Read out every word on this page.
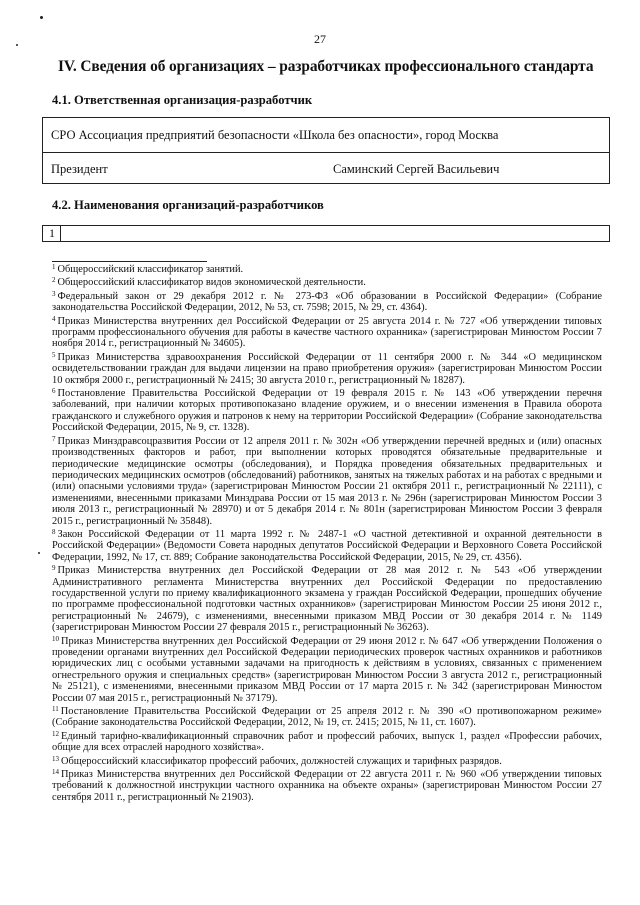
27
IV. Сведения об организациях – разработчиках профессионального стандарта
4.1. Ответственная организация-разработчик
СРО Ассоциация предприятий безопасности «Школа без опасности», город Москва
Президент	Саминский Сергей Васильевич
4.2. Наименования организаций-разработчиков
1

$^1$ Общероссийский классификатор занятий.

$^2$ Общероссийский классификатор видов экономической деятельности.

$^3$ Федеральный закон от 29 декабря 2012 г. № 273-ФЗ «Об образовании в Российской Федерации» (Собрание законодательства Российской Федерации, 2012, № 53, ст. 7598; 2015, № 29, ст. 4364).

$^4$ Приказ Министерства внутренних дел Российской Федерации от 25 августа 2014 г. № 727 «Об утверждении типовых программ профессионального обучения для работы в качестве частного охранника» (зарегистрирован Минюстом России 7 ноября 2014 г., регистрационный № 34605).

$^5$ Приказ Министерства здравоохранения Российской Федерации от 11 сентября 2000 г. № 344 «О медицинском освидетельствовании граждан для выдачи лицензии на право приобретения оружия» (зарегистрирован Минюстом России 10 октября 2000 г., регистрационный № 2415; 30 августа 2010 г., регистрационный № 18287).

$^6$ Постановление Правительства Российской Федерации от 19 февраля 2015 г. № 143 «Об утверждении перечня заболеваний, при наличии которых противопоказано владение оружием, и о внесении изменения в Правила оборота гражданского и служебного оружия и патронов к нему на территории Российской Федерации» (Собрание законодательства Российской Федерации, 2015, № 9, ст. 1328).

$^7$ Приказ Минздравсоцразвития России от 12 апреля 2011 г. № 302н «Об утверждении перечней вредных и (или) опасных производственных факторов и работ, при выполнении которых проводятся обязательные предварительные и периодические медицинские осмотры (обследования), и Порядка проведения обязательных предварительных и периодических медицинских осмотров (обследований) работников, занятых на тяжелых работах и на работах с вредными и (или) опасными условиями труда» (зарегистрирован Минюстом России 21 октября 2011 г., регистрационный № 22111), с изменениями, внесенными приказами Минздрава России от 15 мая 2013 г. № 296н (зарегистрирован Минюстом России 3 июля 2013 г., регистрационный № 28970) и от 5 декабря 2014 г. № 801н (зарегистрирован Минюстом России 3 февраля 2015 г., регистрационный № 35848).

$^8$ Закон Российской Федерации от 11 марта 1992 г. № 2487-1 «О частной детективной и охранной деятельности в Российской Федерации» (Ведомости Совета народных депутатов Российской Федерации и Верховного Совета Российской Федерации, 1992, № 17, ст. 889; Собрание законодательства Российской Федерации, 2015, № 29, ст. 4356).

$^9$ Приказ Министерства внутренних дел Российской Федерации от 28 мая 2012 г. № 543 «Об утверждении Административного регламента Министерства внутренних дел Российской Федерации по предоставлению государственной услуги по приему квалификационного экзамена у граждан Российской Федерации, прошедших обучение по программе профессиональной подготовки частных охранников» (зарегистрирован Минюстом России 25 июня 2012 г., регистрационный № 24679), с изменениями, внесенными приказом МВД России от 30 декабря 2014 г. № 1149 (зарегистрирован Минюстом России 27 февраля 2015 г., регистрационный № 36263).

$^{10}$ Приказ Министерства внутренних дел Российской Федерации от 29 июня 2012 г. № 647 «Об утверждении Положения о проведении органами внутренних дел Российской Федерации периодических проверок частных охранников и работников юридических лиц с особыми уставными задачами на пригодность к действиям в условиях, связанных с применением огнестрельного оружия и специальных средств» (зарегистрирован Минюстом России 3 августа 2012 г., регистрационный № 25121), с изменениями, внесенными приказом МВД России от 17 марта 2015 г. № 342 (зарегистрирован Минюстом России 07 мая 2015 г., регистрационный № 37179).

$^{11}$ Постановление Правительства Российской Федерации от 25 апреля 2012 г. № 390 «О противопожарном режиме» (Собрание законодательства Российской Федерации, 2012, № 19, ст. 2415; 2015, № 11, ст. 1607).

$^{12}$ Единый тарифно-квалификационный справочник работ и профессий рабочих, выпуск 1, раздел «Профессии рабочих, общие для всех отраслей народного хозяйства».

$^{13}$ Общероссийский классификатор профессий рабочих, должностей служащих и тарифных разрядов.

$^{14}$ Приказ Министерства внутренних дел Российской Федерации от 22 августа 2011 г. № 960 «Об утверждении типовых требований к должностной инструкции частного охранника на объекте охраны» (зарегистрирован Минюстом России 27 сентября 2011 г., регистрационный № 21903).
